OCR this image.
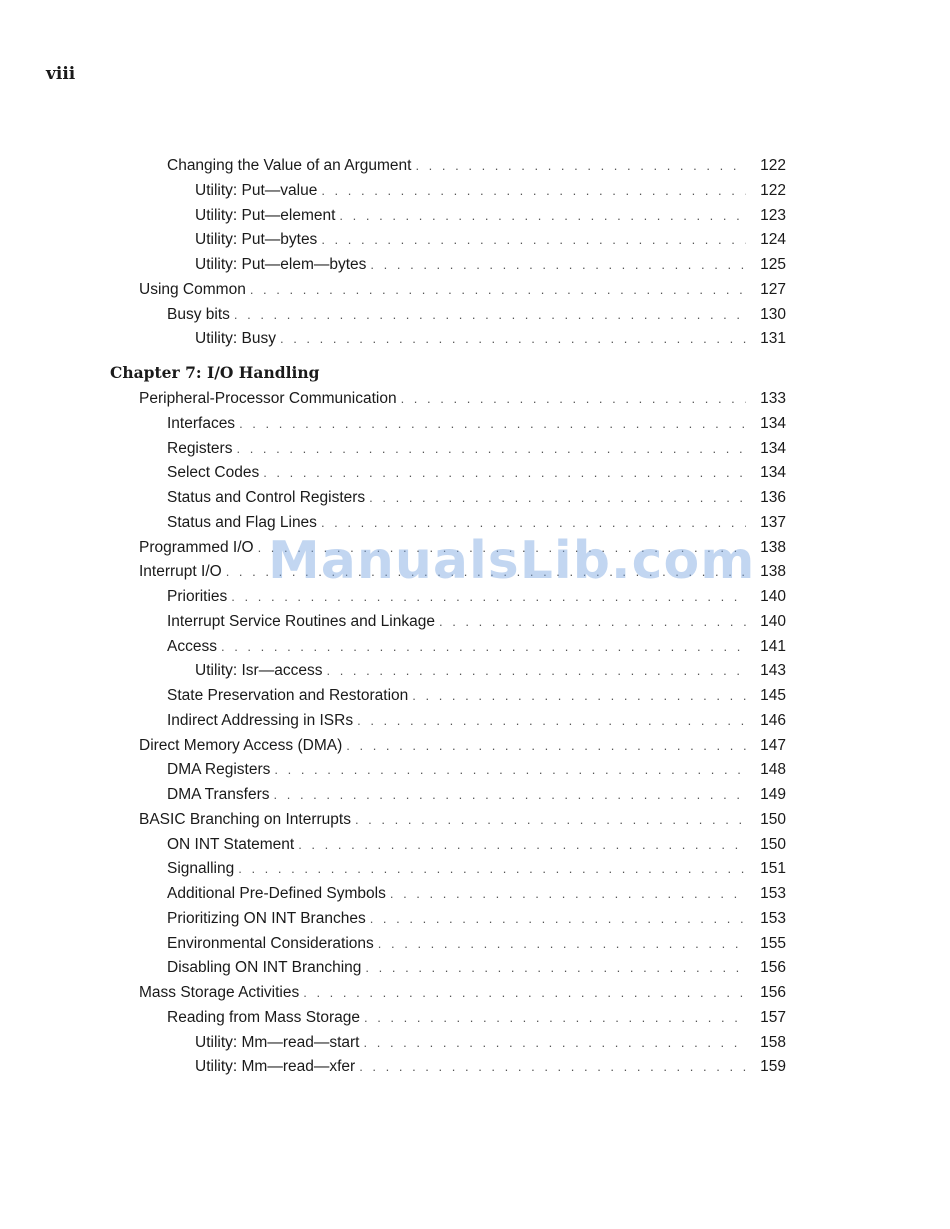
viii
Changing the Value of an Argument . . .	122
Utility: Put—value . . .	122
Utility: Put—element . . .	123
Utility: Put—bytes . . .	124
Utility: Put—elem—bytes . . .	125
Using Common . . .	127
Busy bits . . .	130
Utility: Busy . . .	131
Chapter 7: I/O Handling
Peripheral-Processor Communication . . .	133
Interfaces . . .	134
Registers . . .	134
Select Codes . . .	134
Status and Control Registers . . .	136
Status and Flag Lines . . .	137
Programmed I/O . . .	138
Interrupt I/O . . .	138
Priorities . . .	140
Interrupt Service Routines and Linkage . . .	140
Access . . .	141
Utility: Isr—access . . .	143
State Preservation and Restoration . . .	145
Indirect Addressing in ISRs . . .	146
Direct Memory Access (DMA) . . .	147
DMA Registers . . .	148
DMA Transfers . . .	149
BASIC Branching on Interrupts . . .	150
ON INT Statement . . .	150
Signalling . . .	151
Additional Pre-Defined Symbols . . .	153
Prioritizing ON INT Branches . . .	153
Environmental Considerations . . .	155
Disabling ON INT Branching . . .	156
Mass Storage Activities . . .	156
Reading from Mass Storage . . .	157
Utility: Mm—read—start . . .	158
Utility: Mm—read—xfer . . .	159
ManualsLib.com
